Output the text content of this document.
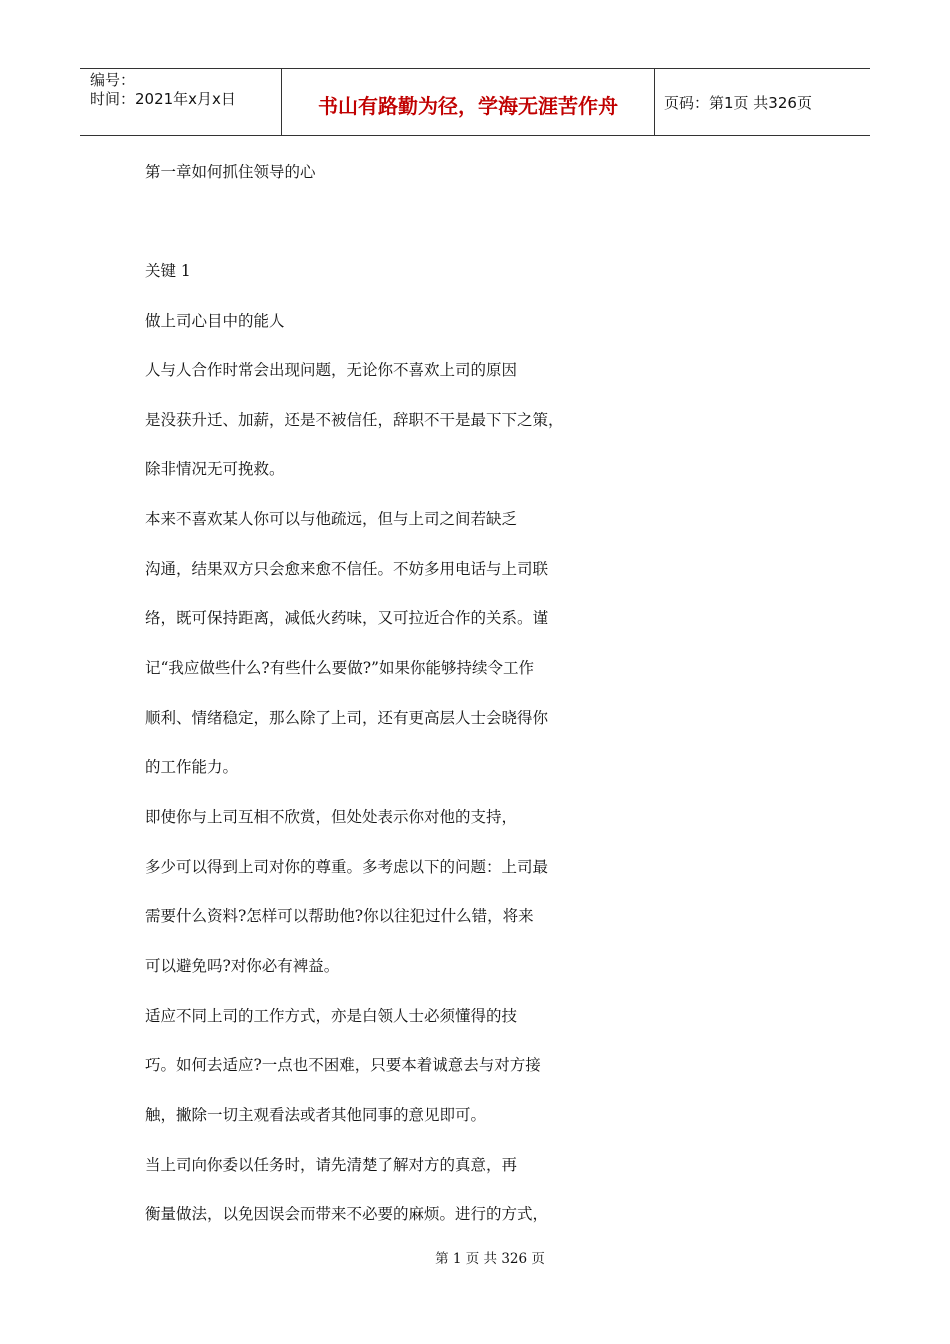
编号：
时间：2021年x月x日	书山有路勤为径，学海无涯苦作舟	页码：第1页 共326页
第一章如何抓住领导的心
关键 1
做上司心目中的能人
人与人合作时常会出现问题，无论你不喜欢上司的原因
是没获升迁、加薪，还是不被信任，辞职不干是最下下之策，
除非情况无可挽救。
本来不喜欢某人你可以与他疏远，但与上司之间若缺乏
沟通，结果双方只会愈来愈不信任。不妨多用电话与上司联
络，既可保持距离，减低火药味，又可拉近合作的关系。谨
记“我应做些什么?有些什么要做?”如果你能够持续令工作
顺利、情绪稳定，那么除了上司，还有更高层人士会晓得你
的工作能力。
即使你与上司互相不欣赏，但处处表示你对他的支持，
多少可以得到上司对你的尊重。多考虑以下的问题：上司最
需要什么资料?怎样可以帮助他?你以往犯过什么错，将来
可以避免吗?对你必有裨益。
适应不同上司的工作方式，亦是白领人士必须懂得的技
巧。如何去适应?一点也不困难，只要本着诚意去与对方接
触，撇除一切主观看法或者其他同事的意见即可。
当上司向你委以任务时，请先清楚了解对方的真意，再
衡量做法，以免因误会而带来不必要的麻烦。进行的方式，
第 1 页 共 326 页
